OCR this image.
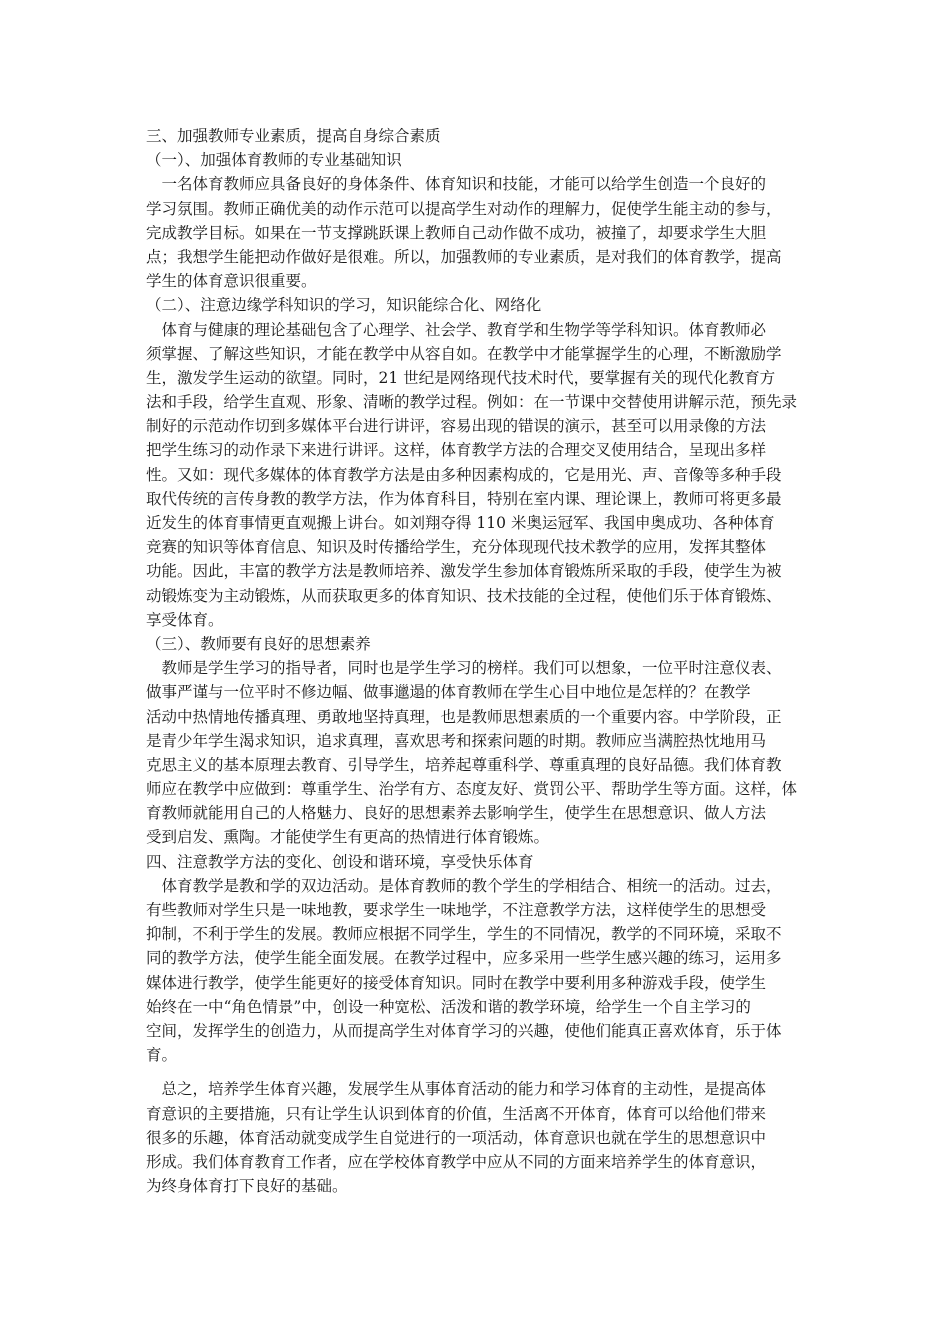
三、加强教师专业素质，提高自身综合素质

（一）、加强体育教师的专业基础知识

　一名体育教师应具备良好的身体条件、体育知识和技能，才能可以给学生创造一个良好的

学习氛围。教师正确优美的动作示范可以提高学生对动作的理解力，促使学生能主动的参与，

完成教学目标。如果在一节支撑跳跃课上教师自己动作做不成功，被撞了，却要求学生大胆

点；我想学生能把动作做好是很难。所以，加强教师的专业素质，是对我们的体育教学，提高

学生的体育意识很重要。

（二）、注意边缘学科知识的学习，知识能综合化、网络化

　体育与健康的理论基础包含了心理学、社会学、教育学和生物学等学科知识。体育教师必

须掌握、了解这些知识，才能在教学中从容自如。在教学中才能掌握学生的心理，不断激励学

生，激发学生运动的欲望。同时，21 世纪是网络现代技术时代，要掌握有关的现代化教育方

法和手段，给学生直观、形象、清晰的教学过程。例如：在一节课中交替使用讲解示范，预先录

制好的示范动作切到多媒体平台进行讲评，容易出现的错误的演示，甚至可以用录像的方法

把学生练习的动作录下来进行讲评。这样，体育教学方法的合理交叉使用结合，呈现出多样

性。又如：现代多媒体的体育教学方法是由多种因素构成的，它是用光、声、音像等多种手段

取代传统的言传身教的教学方法，作为体育科目，特别在室内课、理论课上，教师可将更多最

近发生的体育事情更直观搬上讲台。如刘翔夺得 110 米奥运冠军、我国申奥成功、各种体育

竞赛的知识等体育信息、知识及时传播给学生，充分体现现代技术教学的应用，发挥其整体

功能。因此，丰富的教学方法是教师培养、激发学生参加体育锻炼所采取的手段，使学生为被

动锻炼变为主动锻炼，从而获取更多的体育知识、技术技能的全过程，使他们乐于体育锻炼、

享受体育。

（三）、教师要有良好的思想素养

　教师是学生学习的指导者，同时也是学生学习的榜样。我们可以想象，一位平时注意仪表、

做事严谨与一位平时不修边幅、做事邋遢的体育教师在学生心目中地位是怎样的？在教学

活动中热情地传播真理、勇敢地坚持真理，也是教师思想素质的一个重要内容。中学阶段，正

是青少年学生渴求知识，追求真理，喜欢思考和探索问题的时期。教师应当满腔热忱地用马

克思主义的基本原理去教育、引导学生，培养起尊重科学、尊重真理的良好品德。我们体育教

师应在教学中应做到：尊重学生、治学有方、态度友好、赏罚公平、帮助学生等方面。这样，体

育教师就能用自己的人格魅力、良好的思想素养去影响学生，使学生在思想意识、做人方法

受到启发、熏陶。才能使学生有更高的热情进行体育锻炼。

四、注意教学方法的变化、创设和谐环境，享受快乐体育

　体育教学是教和学的双边活动。是体育教师的教个学生的学相结合、相统一的活动。过去，

有些教师对学生只是一味地教，要求学生一味地学，不注意教学方法，这样使学生的思想受

抑制，不利于学生的发展。教师应根据不同学生，学生的不同情况，教学的不同环境，采取不

同的教学方法，使学生能全面发展。在教学过程中，应多采用一些学生感兴趣的练习，运用多

媒体进行教学，使学生能更好的接受体育知识。同时在教学中要利用多种游戏手段，使学生

始终在一中“角色情景”中，创设一种宽松、活泼和谐的教学环境，给学生一个自主学习的

空间，发挥学生的创造力，从而提高学生对体育学习的兴趣，使他们能真正喜欢体育，乐于体

育。

　总之，培养学生体育兴趣，发展学生从事体育活动的能力和学习体育的主动性，是提高体

育意识的主要措施，只有让学生认识到体育的价值，生活离不开体育，体育可以给他们带来

很多的乐趣，体育活动就变成学生自觉进行的一项活动，体育意识也就在学生的思想意识中

形成。我们体育教育工作者，应在学校体育教学中应从不同的方面来培养学生的体育意识，

为终身体育打下良好的基础。
